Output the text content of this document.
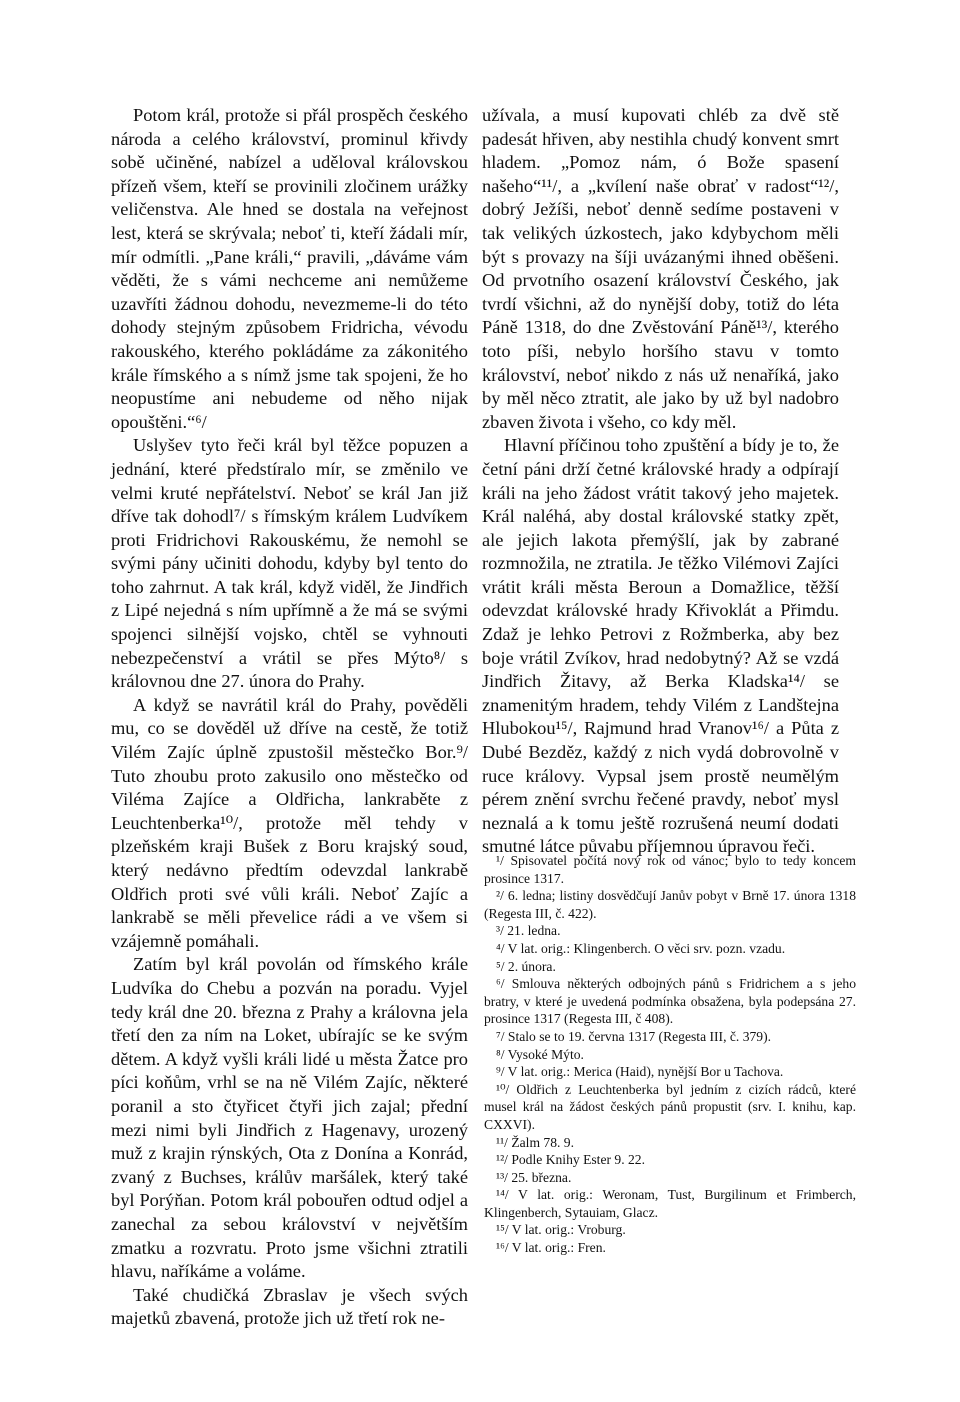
Potom král, protože si přál prospěch českého národa a celého království, prominul křivdy sobě učiněné, nabízel a uděloval královskou přízeň všem, kteří se provinili zločinem urážky veličenstva. Ale hned se dostala na veřejnost lest, která se skrývala; neboť ti, kteří žádali mír, mír odmítli. „Pane králi,“ pravili, „dáváme vám věděti, že s vámi nechceme ani nemůžeme uzavříti žádnou dohodu, nevezmeme-li do této dohody stejným způsobem Fridricha, vévodu rakouského, kterého pokládáme za zákonitého krále římského a s nímž jsme tak spojeni, že ho neopustíme ani nebudeme od něho nijak opouštěni.“⁶/

Uslyšev tyto řeči král byl těžce popuzen a jednání, které předstíralo mír, se změnilo ve velmi kruté nepřátelství. Neboť se král Jan již dříve tak dohodl⁷/ s římským králem Ludvíkem proti Fridrichovi Rakouskému, že nemohl se svými pány učiniti dohodu, kdyby byl tento do toho zahrnut. A tak král, když viděl, že Jindřich z Lipé nejedná s ním upřímně a že má se svými spojenci silnější vojsko, chtěl se vyhnouti nebezpečenství a vrátil se přes Mýto⁸/ s královnou dne 27. února do Prahy.

A když se navrátil král do Prahy, pověděli mu, co se dověděl už dříve na cestě, že totiž Vilém Zajíc úplně zpustošil městečko Bor.⁹/ Tuto zhoubu proto zakusilo ono městečko od Viléma Zajíce a Oldřicha, lankraběte z Leuchtenberka¹⁰/, protože měl tehdy v plzeňském kraji Bušek z Boru krajský soud, který nedávno předtím odevzdal lankrabě Oldřich proti své vůli králi. Neboť Zajíc a lankrabě se měli převelice rádi a ve všem si vzájemně pomáhali.

Zatím byl král povolán od římského krále Ludvíka do Chebu a pozván na poradu. Vyjel tedy král dne 20. března z Prahy a královna jela třetí den za ním na Loket, ubírajíc se ke svým dětem. A když vyšli králi lidé u města Žatce pro píci koňům, vrhl se na ně Vilém Zajíc, některé poranil a sto čtyřicet čtyři jich zajal; přední mezi nimi byli Jindřich z Hagenavy, urozený muž z krajin rýnských, Ota z Donína a Konrád, zvaný z Buchses, králův maršálek, který také byl Porýňan. Potom král pobouřen odtud odjel a zanechal za sebou království v největším zmatku a rozvratu. Proto jsme všichni ztratili hlavu, naříkáme a voláme.

Také chudičká Zbraslav je všech svých majetků zbavená, protože jich už třetí rok ne-

užívala, a musí kupovati chléb za dvě stě padesát hřiven, aby nestihla chudý konvent smrt hladem. „Pomoz nám, ó Bože spasení našeho“¹¹/, a „kvílení naše obrať v radost“¹²/, dobrý Ježíši, neboť denně sedíme postaveni v tak velikých úzkostech, jako kdybychom měli být s provazy na šíji uvázanými ihned oběšeni. Od prvotního osazení království Českého, jak tvrdí všichni, až do nynější doby, totiž do léta Páně 1318, do dne Zvěstování Páně¹³/, kterého toto píši, nebylo horšího stavu v tomto království, neboť nikdo z nás už nenaříká, jako by měl něco ztratit, ale jako by už byl nadobro zbaven života i všeho, co kdy měl.

Hlavní příčinou toho zpuštění a bídy je to, že četní páni drží četné královské hrady a odpírají králi na jeho žádost vrátit takový jeho majetek. Král naléhá, aby dostal královské statky zpět, ale jejich lakota přemýšlí, jak by zabrané rozmnožila, ne ztratila. Je těžko Vilémovi Zajíci vrátit králi města Beroun a Domažlice, těžší odevzdat královské hrady Křivoklát a Přimdu. Zdaž je lehko Petrovi z Rožmberka, aby bez boje vrátil Zvíkov, hrad nedobytný? Až se vzdá Jindřich Žitavy, až Berka Kladska¹⁴/ se znamenitým hradem, tehdy Vilém z Landštejna Hlubokou¹⁵/, Rajmund hrad Vranov¹⁶/ a Půta z Dubé Bezděz, každý z nich vydá dobrovolně v ruce královy. Vypsal jsem prostě neumělým pérem znění svrchu řečené pravdy, neboť mysl neznalá a k tomu ještě rozrušená neumí dodati smutné látce půvabu příjemnou úpravou řeči.

¹/ Spisovatel počítá nový rok od vánoc; bylo to tedy koncem prosince 1317.

²/ 6. ledna; listiny dosvědčují Janův pobyt v Brně 17. února 1318 (Regesta III, č. 422).

³/ 21. ledna.

⁴/ V lat. orig.: Klingenberch. O věci srv. pozn. vzadu.

⁵/ 2. února.

⁶/ Smlouva některých odbojných pánů s Fridrichem a s jeho bratry, v které je uvedená podmínka obsažena, byla podepsána 27. prosince 1317 (Regesta III, č 408).

⁷/ Stalo se to 19. června 1317 (Regesta III, č. 379).

⁸/ Vysoké Mýto.

⁹/ V lat. orig.: Merica (Haid), nynější Bor u Tachova.

¹⁰/ Oldřich z Leuchtenberka byl jedním z cizích rádců, které musel král na žádost českých pánů propustit (srv. I. knihu, kap. CXXVI).

¹¹/ Žalm 78. 9.

¹²/ Podle Knihy Ester 9. 22.

¹³/ 25. března.

¹⁴/ V lat. orig.: Weronam, Tust, Burgilinum et Frimberch, Klingenberch, Sytauiam, Glacz.

¹⁵/ V lat. orig.: Vroburg.

¹⁶/ V lat. orig.: Fren.
